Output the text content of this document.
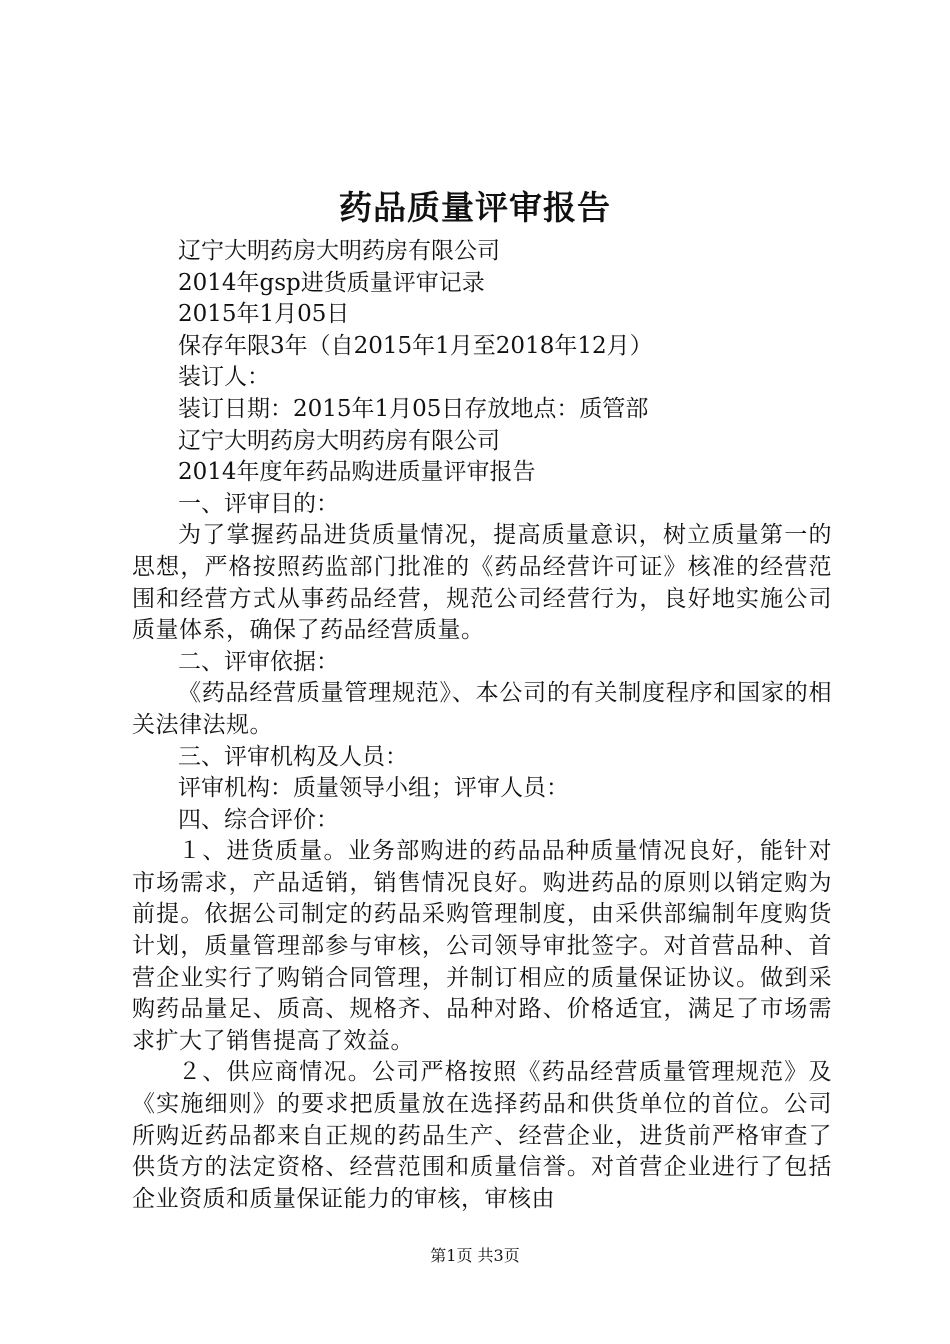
药品质量评审报告
辽宁大明药房大明药房有限公司
2014年gsp进货质量评审记录
2015年1月05日
保存年限3年（自2015年1月至2018年12月）
装订人：
装订日期：2015年1月05日存放地点：质管部
辽宁大明药房大明药房有限公司
2014年度年药品购进质量评审报告
一、评审目的：
为了掌握药品进货质量情况，提高质量意识，树立质量第一的思想，严格按照药监部门批准的《药品经营许可证》核准的经营范围和经营方式从事药品经营，规范公司经营行为，良好地实施公司质量体系，确保了药品经营质量。
二、评审依据：
《药品经营质量管理规范》、本公司的有关制度程序和国家的相关法律法规。
三、评审机构及人员：
评审机构：质量领导小组；评审人员：
四、综合评价：
１、进货质量。业务部购进的药品品种质量情况良好，能针对市场需求，产品适销，销售情况良好。购进药品的原则以销定购为前提。依据公司制定的药品采购管理制度，由采供部编制年度购货计划，质量管理部参与审核，公司领导审批签字。对首营品种、首营企业实行了购销合同管理，并制订相应的质量保证协议。做到采购药品量足、质高、规格齐、品种对路、价格适宜，满足了市场需求扩大了销售提高了效益。
２、供应商情况。公司严格按照《药品经营质量管理规范》及《实施细则》的要求把质量放在选择药品和供货单位的首位。公司所购近药品都来自正规的药品生产、经营企业，进货前严格审查了供货方的法定资格、经营范围和质量信誉。对首营企业进行了包括企业资质和质量保证能力的审核，审核由
第1页 共3页
